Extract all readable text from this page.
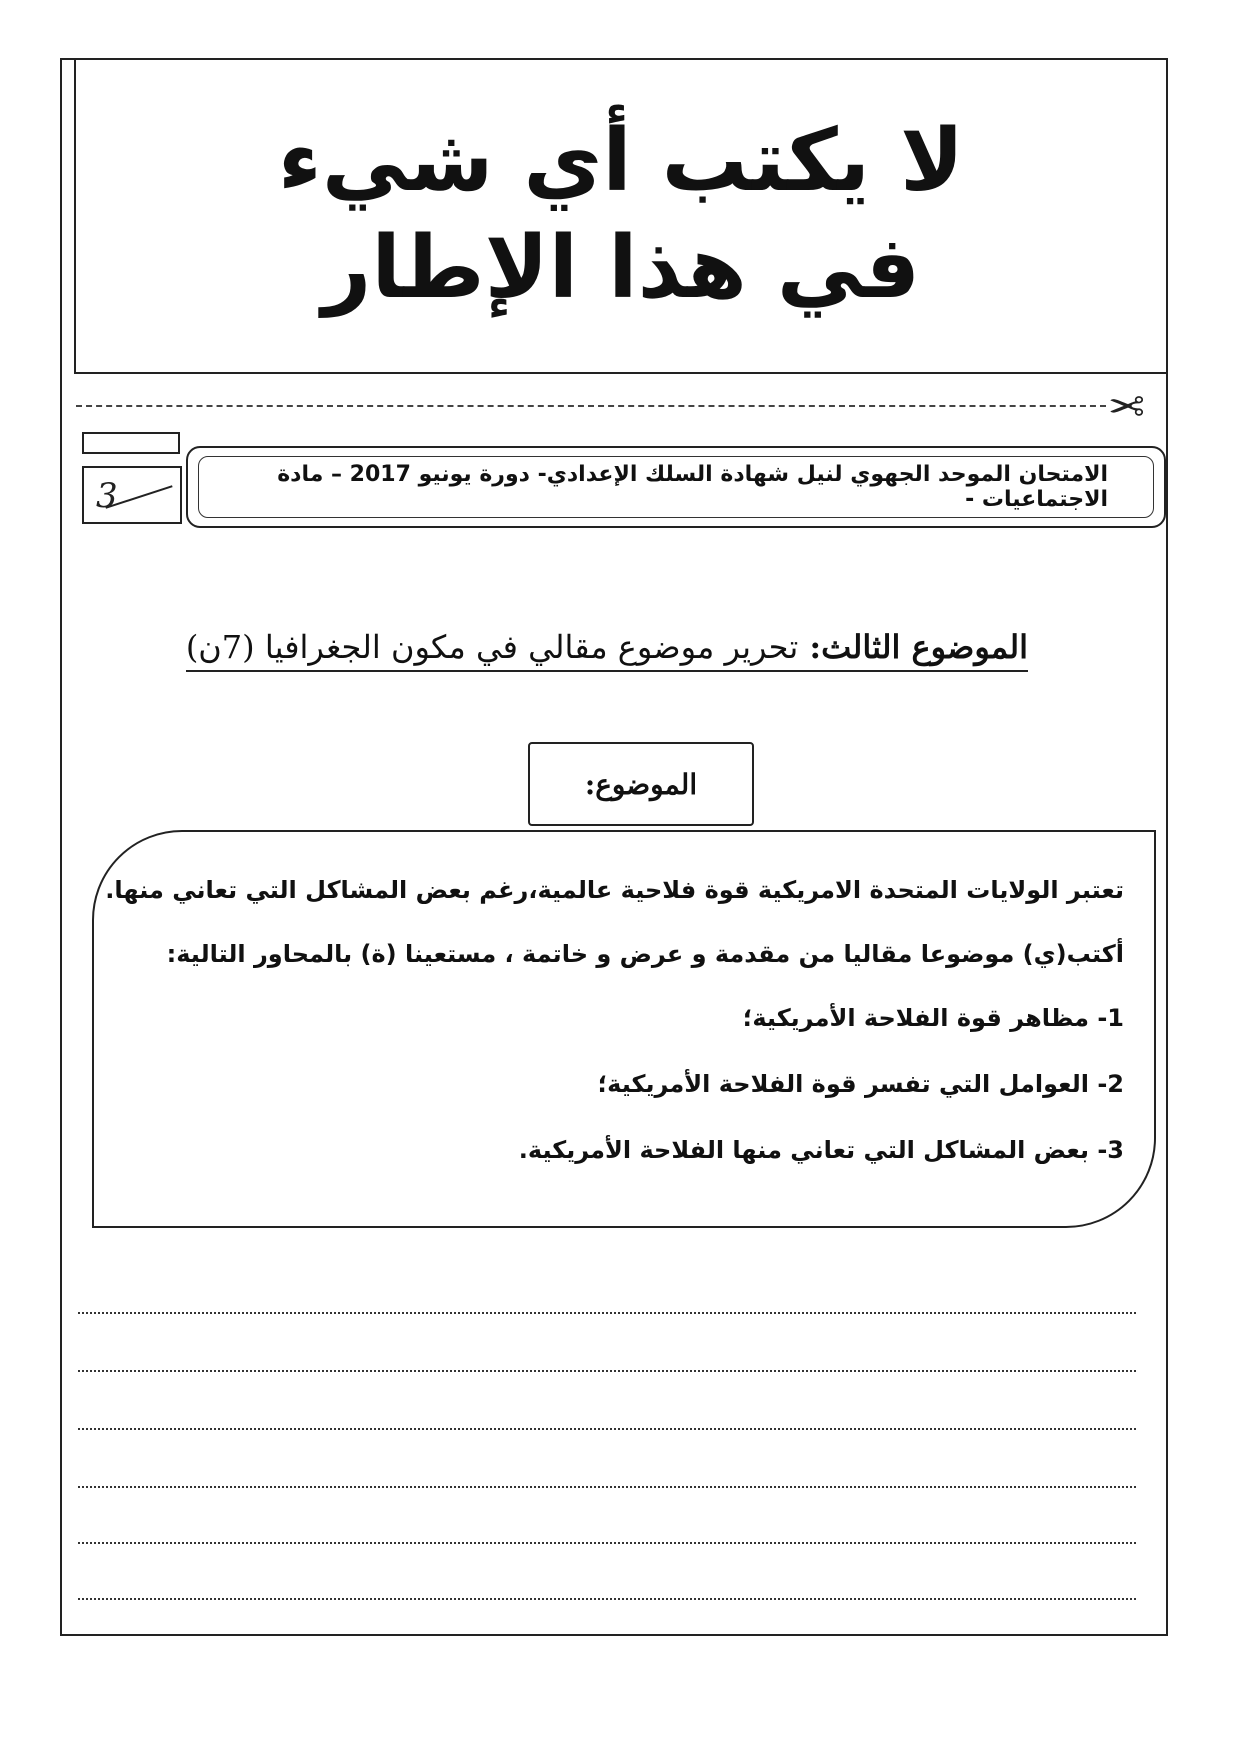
لا يكتب أي شيء
في هذا الإطار
✂
3
الامتحان الموحد الجهوي لنيل شهادة السلك الإعدادي- دورة يونيو 2017 – مادة الاجتماعيات -
الموضوع الثالث: تحرير موضوع مقالي في مكون الجغرافيا (7ن)
الموضوع:
تعتبر الولايات المتحدة الامريكية قوة فلاحية عالمية،رغم بعض المشاكل التي تعاني منها.
أكتب(ي) موضوعا مقاليا من مقدمة و عرض و خاتمة ، مستعينا (ة) بالمحاور التالية:
1- مظاهر قوة الفلاحة الأمريكية؛
2- العوامل التي تفسر قوة الفلاحة الأمريكية؛
3- بعض المشاكل التي تعاني منها الفلاحة الأمريكية.
